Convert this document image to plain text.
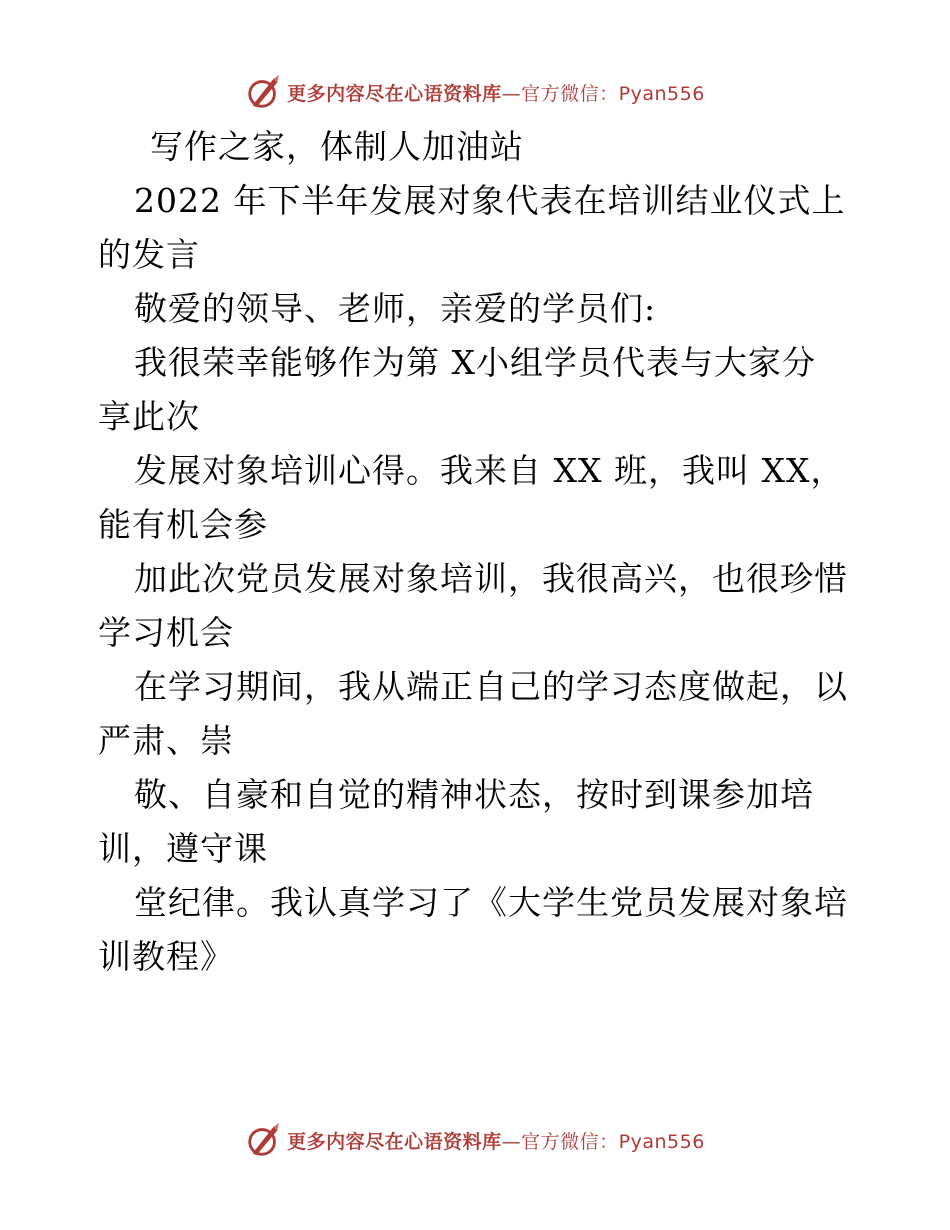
更多内容尽在心语资料库—官方微信：Pyan556
写作之家，体制人加油站
2022 年下半年发展对象代表在培训结业仪式上
的发言
敬爱的领导、老师，亲爱的学员们:
我很荣幸能够作为第 X小组学员代表与大家分
享此次
发展对象培训心得。我来自 XX 班，我叫 XX，
能有机会参
加此次党员发展对象培训，我很高兴，也很珍惜
学习机会
在学习期间，我从端正自己的学习态度做起，以
严肃、崇
敬、自豪和自觉的精神状态，按时到课参加培
训，遵守课
堂纪律。我认真学习了《大学生党员发展对象培
训教程》
更多内容尽在心语资料库—官方微信：Pyan556
